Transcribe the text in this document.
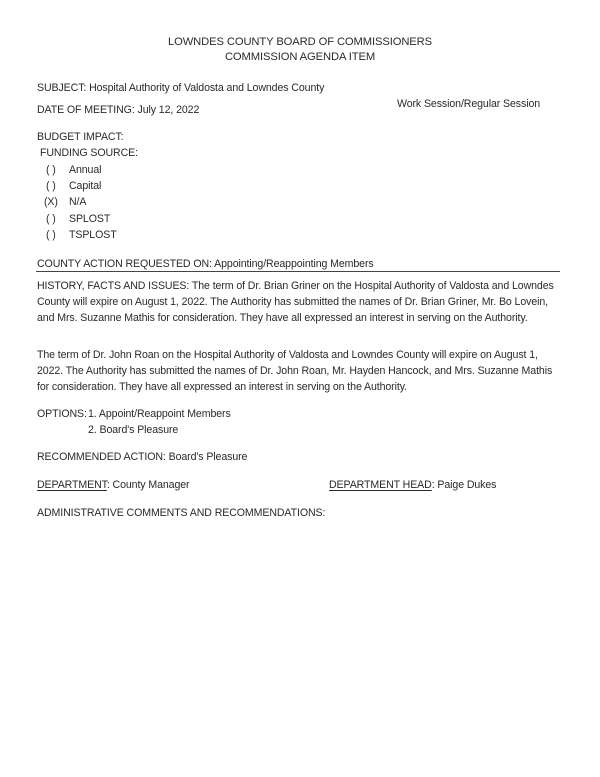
LOWNDES COUNTY BOARD OF COMMISSIONERS
COMMISSION AGENDA ITEM
SUBJECT: Hospital Authority of Valdosta and Lowndes County
DATE OF MEETING: July 12, 2022	Work Session/Regular Session
BUDGET IMPACT:
FUNDING SOURCE:
( ) Annual
( ) Capital
(X) N/A
( ) SPLOST
( ) TSPLOST
COUNTY ACTION REQUESTED ON: Appointing/Reappointing Members
HISTORY, FACTS AND ISSUES: The term of Dr. Brian Griner on the Hospital Authority of Valdosta and Lowndes County will expire on August 1, 2022. The Authority has submitted the names of Dr. Brian Griner, Mr. Bo Lovein, and Mrs. Suzanne Mathis for consideration. They have all expressed an interest in serving on the Authority.
The term of Dr. John Roan on the Hospital Authority of Valdosta and Lowndes County will expire on August 1, 2022. The Authority has submitted the names of Dr. John Roan, Mr. Hayden Hancock, and Mrs. Suzanne Mathis for consideration. They have all expressed an interest in serving on the Authority.
OPTIONS: 1. Appoint/Reappoint Members
2. Board's Pleasure
RECOMMENDED ACTION: Board's Pleasure
DEPARTMENT: County Manager	DEPARTMENT HEAD: Paige Dukes
ADMINISTRATIVE COMMENTS AND RECOMMENDATIONS:
